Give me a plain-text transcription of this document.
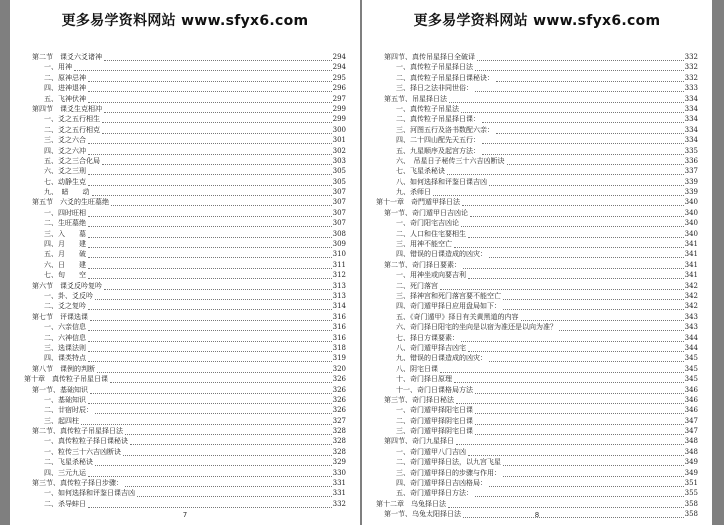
更多易学资料网站 www.sfyx6.com
第二节　课爻六爻诸神	294
一、用神	294
二、原神忌神	295
四、进神退神	296
五、飞神伏神	297
第四节　课爻生克相冲	299
一、爻之五行相生	299
二、爻之五行相克	300
三、爻之六合	301
四、爻之六冲	302
五、爻之三合化局	303
六、爻之三刑	305
七、动静生克	305
九、　暗　　动	307
第五节　六爻的生旺墓绝	307
一、四时旺相	307
二、生旺墓绝	307
三、入　　墓	308
四、月　　建	309
五、月　　破	310
六、日　　建	311
七、旬　　空	312
第六节　课爻反吟复吟	313
一、卦、爻反吟	313
二、爻之复吟	314
第七节　评课选课	316
一、六亲信息	316
二、六神信息	316
三、选课法则	318
四、课类特点	319
第八节　课例的判断	320
第十章　真传粒子吊星日课	326
第一节、基础知识	326
一、基础知识	326
二、廿宿时辰：	326
三、起四柱	327
第二节、真传粒子吊星择日法	328
一、真传粒粒子择日课秘诀	328
一、粒传三十六吉凶断诀	328
二、飞星杀秘诀	329
四、三元九运	330
第三节、真传粒子择日步骤：	331
一、如何选择和评鉴日课吉凶	331
二、杀导蚌日	332
7
更多易学资料网站 www.sfyx6.com
第四节、真传吊星择日全破译	332
一、真传粒子吊星择日法	332
二、真传粒子吊星择日课秘诀：	332
三、择日之法非同世俗：	333
第五节、吊星择日法	334
一、真传粒子吊星法	334
二、真传粒子吊星择日课：	334
三、河图五行及洛书数配六亲：	334
四、二十四山配先天五行：	334
五、九星顺序及起宫方法：	335
六、　吊星日子秘传三十六吉凶断诀	336
七、飞星杀秘诀	337
八、如何选择和评鉴日课吉凶	339
九、杀师日	339
第十一章　奇門遁甲择日法	340
第一节、奇门遁甲日吉凶论	340
一、奇门阳宅吉凶论	340
二、人口和住宅要相生	340
三、用神不能空亡	341
四、错误的日课造成的凶灾：	341
第二节、奇门择日要素：	341
一、用神坐或向要吉利	341
二、死门落宫	342
三、择神宫和死门落宫要不能空亡	342
四、奇门遁甲择日应用盘局如下：	342
五、《奇门遁甲》择日有关黄黑道的内容	343
六、奇门择日阳宅的坐向是以宿为准还是以向为准？	343
七、择日方课要素：	344
八、奇门遁甲择吉凶宅	344
九、错误的日课造成的凶灾：	345
八、阴宅日课	345
十、奇门择日原理	345
十一、奇门日课格局方法	346
第三节、奇门择日秘法	346
一、奇门遁甲择阳宅日课	346
二、奇门遁甲择阴宅日课	347
三、奇门遁甲择阴宅日课	347
第四节、奇门九星择日	348
一、奇门遁甲八门吉凶	348
二、奇门遁甲择日法，以九宫飞星	349
三、奇门遁甲择日的步骤与作用：	349
四、奇门遁甲择日吉凶格局：	351
五、奇门遁甲择日方法：	355
第十二章　乌兔择日法	358
第一节、乌兔太阳择日法	358
8
